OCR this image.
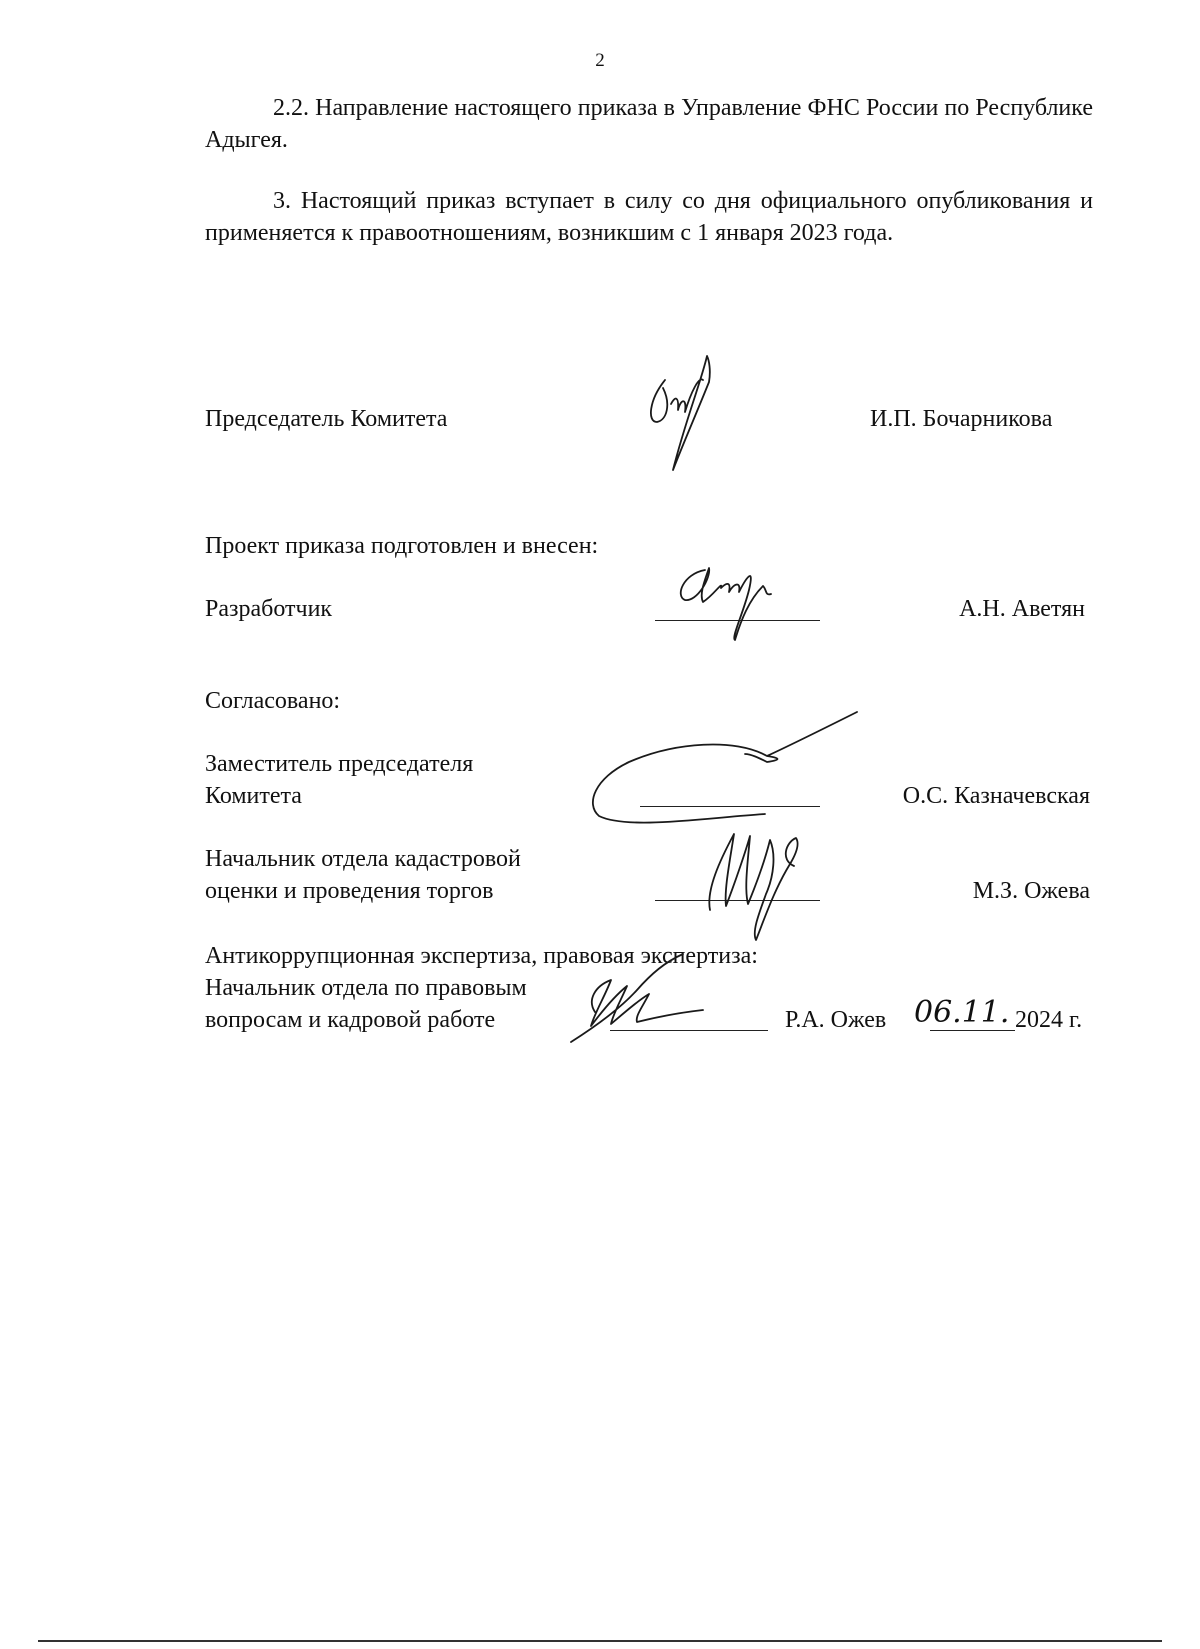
2

2.2. Направление настоящего приказа в Управление ФНС России по Республике Адыгея.

3. Настоящий приказ вступает в силу со дня официального опубликования и применяется к правоотношениям, возникшим с 1 января 2023 года.

Председатель Комитета	И.П. Бочарникова
Проект приказа подготовлен и внесен:
Разработчик	А.Н. Аветян
Согласовано:
Заместитель председателя
Комитета	О.С. Казначевская
Начальник отдела кадастровой
оценки и проведения торгов	М.З. Ожева
Антикоррупционная экспертиза, правовая экспертиза:
Начальник отдела по правовым
вопросам и кадровой работе	Р.А. Ожев 06.11. 2024 г.
